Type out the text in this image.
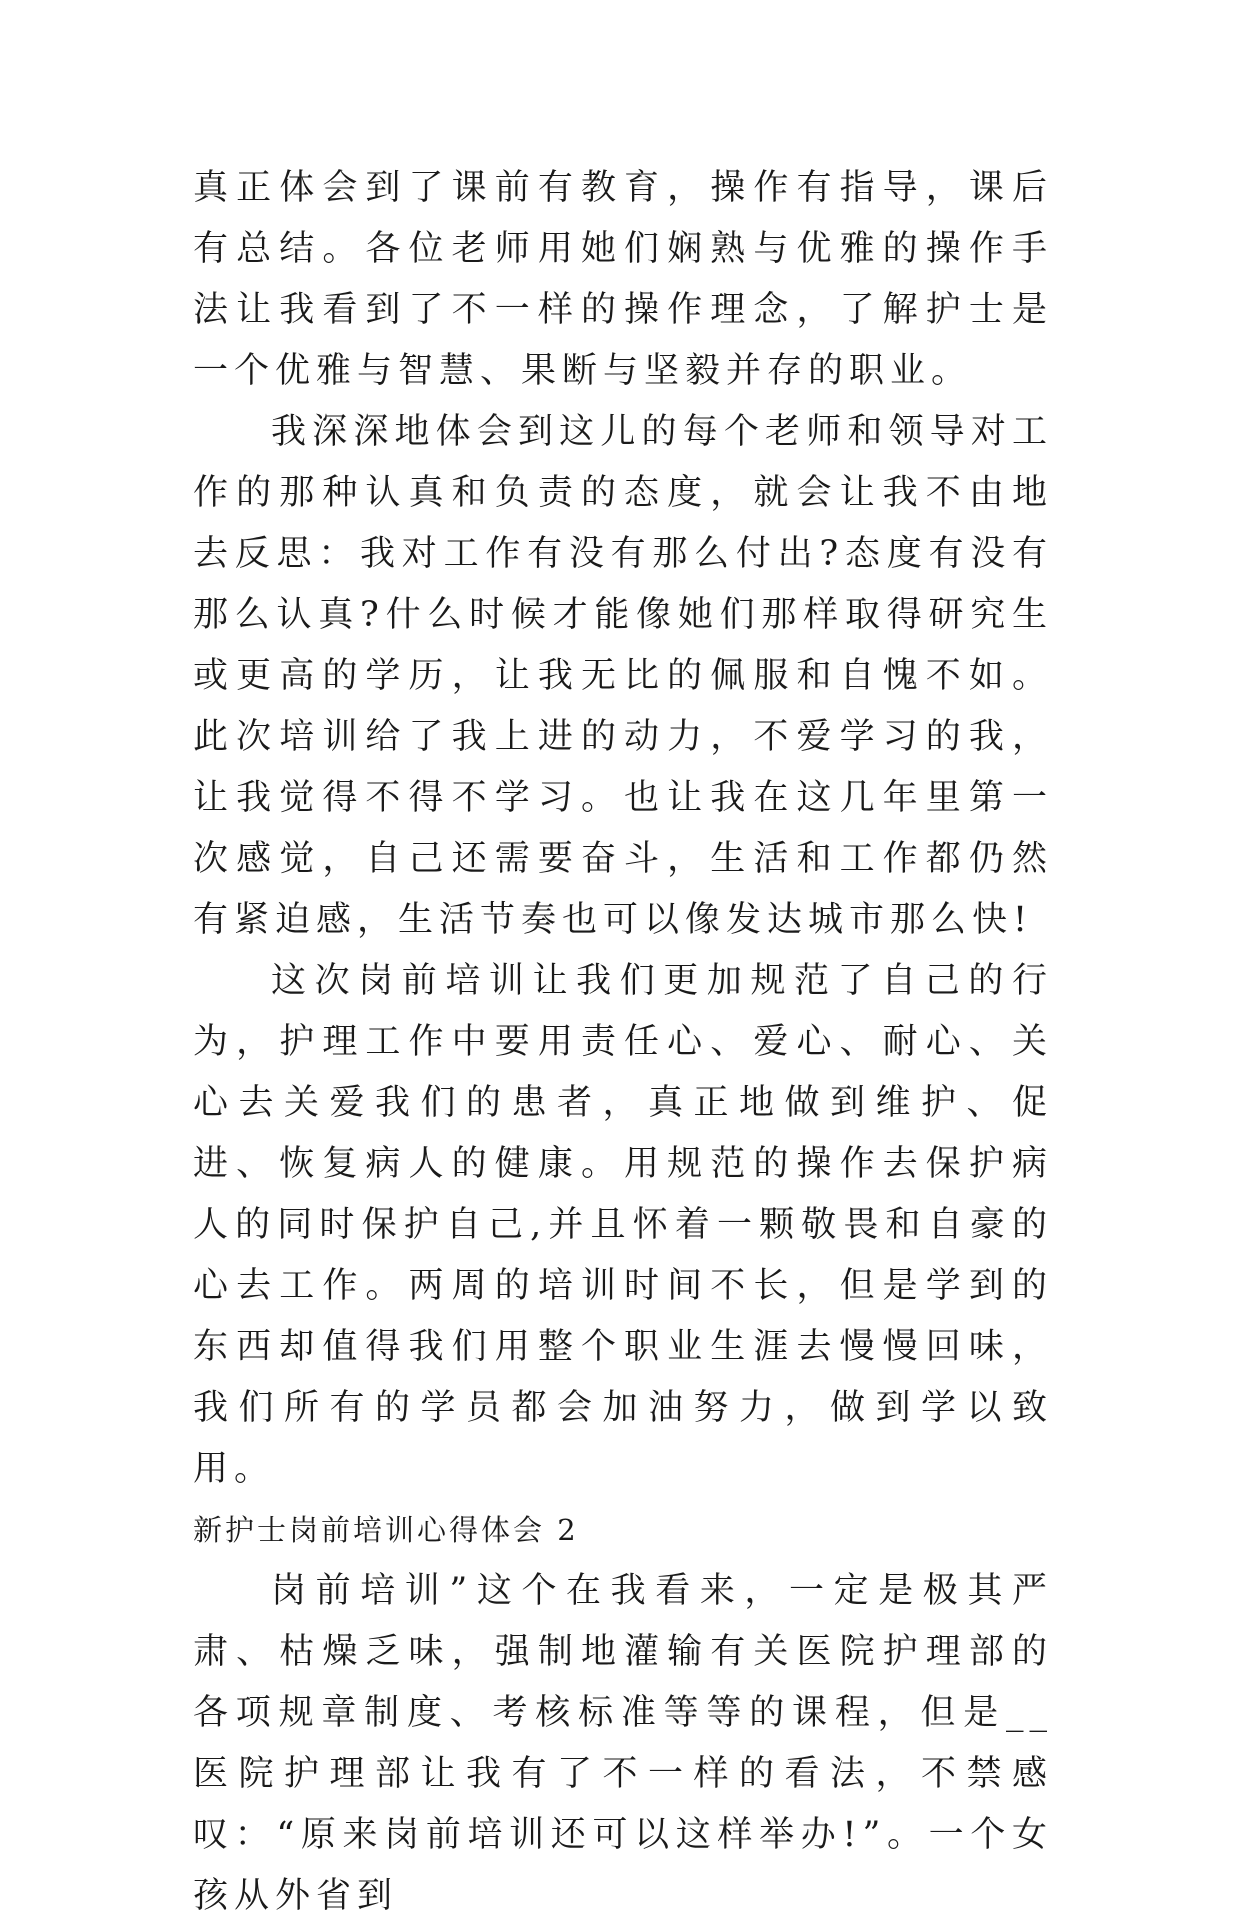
真正体会到了课前有教育，操作有指导，课后有总结。各位老师用她们娴熟与优雅的操作手法让我看到了不一样的操作理念，了解护士是一个优雅与智慧、果断与坚毅并存的职业。

我深深地体会到这儿的每个老师和领导对工作的那种认真和负责的态度，就会让我不由地去反思：我对工作有没有那么付出?态度有没有那么认真?什么时候才能像她们那样取得研究生或更高的学历，让我无比的佩服和自愧不如。此次培训给了我上进的动力，不爱学习的我，让我觉得不得不学习。也让我在这几年里第一次感觉，自己还需要奋斗，生活和工作都仍然有紧迫感，生活节奏也可以像发达城市那么快!

这次岗前培训让我们更加规范了自己的行为，护理工作中要用责任心、爱心、耐心、关心去关爱我们的患者，真正地做到维护、促进、恢复病人的健康。用规范的操作去保护病人的同时保护自己,并且怀着一颗敬畏和自豪的心去工作。两周的培训时间不长，但是学到的东西却值得我们用整个职业生涯去慢慢回味，我们所有的学员都会加油努力，做到学以致用。

新护士岗前培训心得体会 2

岗前培训”这个在我看来，一定是极其严肃、枯燥乏味，强制地灌输有关医院护理部的各项规章制度、考核标准等等的课程，但是__医院护理部让我有了不一样的看法，不禁感叹：“原来岗前培训还可以这样举办!”。一个女孩从外省到
